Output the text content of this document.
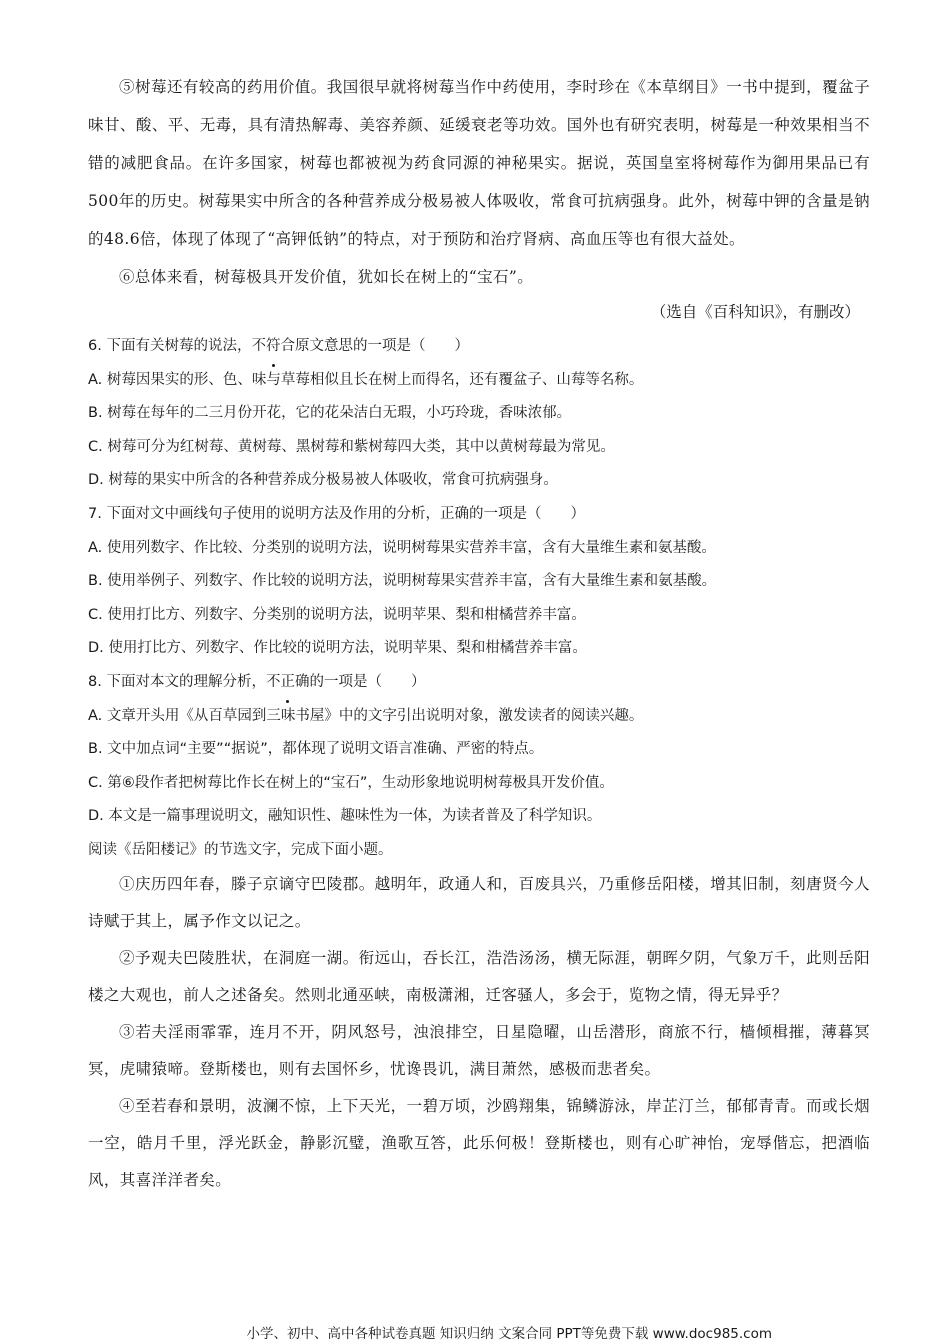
⑤树莓还有较高的药用价值。我国很早就将树莓当作中药使用，李时珍在《本草纲目》一书中提到，覆盆子味甘、酸、平、无毒，具有清热解毒、美容养颜、延缓衰老等功效。国外也有研究表明，树莓是一种效果相当不错的减肥食品。在许多国家，树莓也都被视为药食同源的神秘果实。据说，英国皇室将树莓作为御用果品已有500年的历史。树莓果实中所含的各种营养成分极易被人体吸收，常食可抗病强身。此外，树莓中钾的含量是钠的48.6倍，体现了体现了“高钾低钠”的特点，对于预防和治疗肾病、高血压等也有很大益处。

⑥总体来看，树莓极具开发价值，犹如长在树上的“宝石”。

（选自《百科知识》，有删改）

6. 下面有关树莓的说法，不符合原文意思的一项是（　　）

A. 树莓因果实的形、色、味与草莓相似且长在树上而得名，还有覆盆子、山莓等名称。

B. 树莓在每年的二三月份开花，它的花朵洁白无瑕，小巧玲珑，香味浓郁。

C. 树莓可分为红树莓、黄树莓、黑树莓和紫树莓四大类，其中以黄树莓最为常见。

D. 树莓的果实中所含的各种营养成分极易被人体吸收，常食可抗病强身。

7. 下面对文中画线句子使用的说明方法及作用的分析，正确的一项是（　　）

A. 使用列数字、作比较、分类别的说明方法，说明树莓果实营养丰富，含有大量维生素和氨基酸。

B. 使用举例子、列数字、作比较的说明方法，说明树莓果实营养丰富，含有大量维生素和氨基酸。

C. 使用打比方、列数字、分类别的说明方法，说明苹果、梨和柑橘营养丰富。

D. 使用打比方、列数字、作比较的说明方法，说明苹果、梨和柑橘营养丰富。

8. 下面对本文的理解分析，不正确的一项是（　　）

A. 文章开头用《从百草园到三味书屋》中的文字引出说明对象，激发读者的阅读兴趣。

B. 文中加点词“主要”“据说”，都体现了说明文语言准确、严密的特点。

C. 第⑥段作者把树莓比作长在树上的“宝石”，生动形象地说明树莓极具开发价值。

D. 本文是一篇事理说明文，融知识性、趣味性为一体，为读者普及了科学知识。

阅读《岳阳楼记》的节选文字，完成下面小题。

①庆历四年春，滕子京谪守巴陵郡。越明年，政通人和，百废具兴，乃重修岳阳楼，增其旧制，刻唐贤今人诗赋于其上，属予作文以记之。

②予观夫巴陵胜状，在洞庭一湖。衔远山，吞长江，浩浩汤汤，横无际涯，朝晖夕阴，气象万千，此则岳阳楼之大观也，前人之述备矣。然则北通巫峡，南极潇湘，迁客骚人，多会于，览物之情，得无异乎？

③若夫淫雨霏霏，连月不开，阴风怒号，浊浪排空，日星隐曜，山岳潜形，商旅不行，樯倾楫摧，薄暮冥冥，虎啸猿啼。登斯楼也，则有去国怀乡，忧谗畏讥，满目萧然，感极而悲者矣。

④至若春和景明，波澜不惊，上下天光，一碧万顷，沙鸥翔集，锦鳞游泳，岸芷汀兰，郁郁青青。而或长烟一空，皓月千里，浮光跃金，静影沉璧，渔歌互答，此乐何极！登斯楼也，则有心旷神怡，宠辱偕忘，把酒临风，其喜洋洋者矣。

小学、初中、高中各种试卷真题 知识归纳 文案合同 PPT等免费下载 www.doc985.com
